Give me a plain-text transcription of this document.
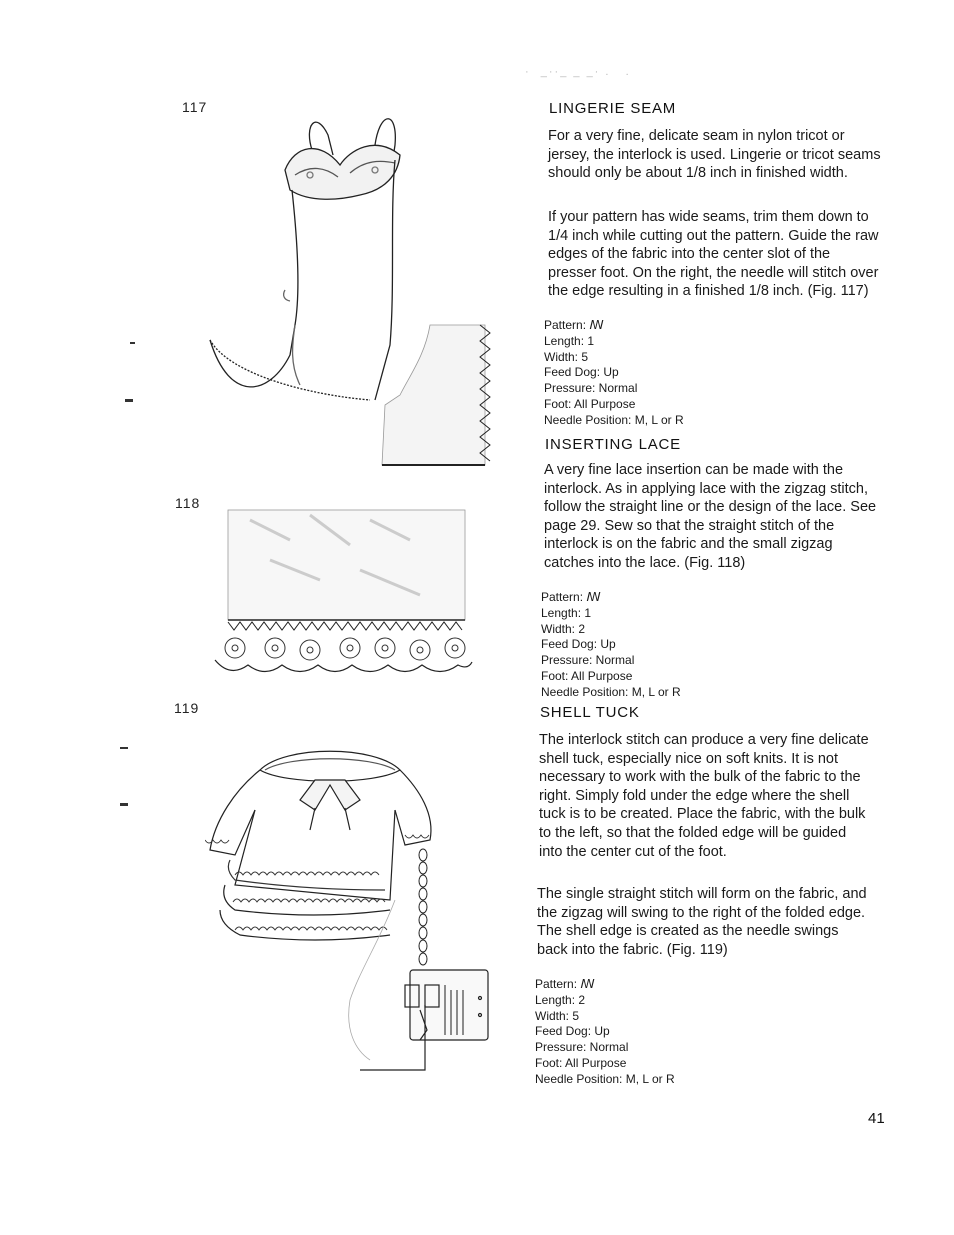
117
118
119
·  _··_ _ _· .   .
LINGERIE SEAM

For a very fine, delicate seam in nylon tricot or jersey, the interlock is used. Lingerie or tricot seams should only be about 1/8 inch in finished width.

If your pattern has wide seams, trim them down to 1/4 inch while cutting out the pattern. Guide the raw edges of the fabric into the center slot of the presser foot. On the right, the needle will stitch over the edge resulting in a finished 1/8 inch. (Fig. 117)

Pattern: ꟿ
Length: 1
Width: 5
Feed Dog: Up
Pressure: Normal
Foot: All Purpose
Needle Position: M, L or R
INSERTING LACE

A very fine lace insertion can be made with the interlock. As in applying lace with the zigzag stitch, follow the straight line or the design of the lace. See page 29. Sew so that the straight stitch of the interlock is on the fabric and the small zigzag catches into the lace. (Fig. 118)

Pattern: ꟿ
Length: 1
Width: 2
Feed Dog: Up
Pressure: Normal
Foot: All Purpose
Needle Position: M, L or R
SHELL TUCK

The interlock stitch can produce a very fine delicate shell tuck, especially nice on soft knits. It is not necessary to work with the bulk of the fabric to the right. Simply fold under the edge where the shell tuck is to be created. Place the fabric, with the bulk to the left, so that the folded edge will be guided into the center cut of the foot.

The single straight stitch will form on the fabric, and the zigzag will swing to the right of the folded edge. The shell edge is created as the needle swings back into the fabric. (Fig. 119)

Pattern: ꟿ
Length: 2
Width: 5
Feed Dog: Up
Pressure: Normal
Foot: All Purpose
Needle Position: M, L or R
41
